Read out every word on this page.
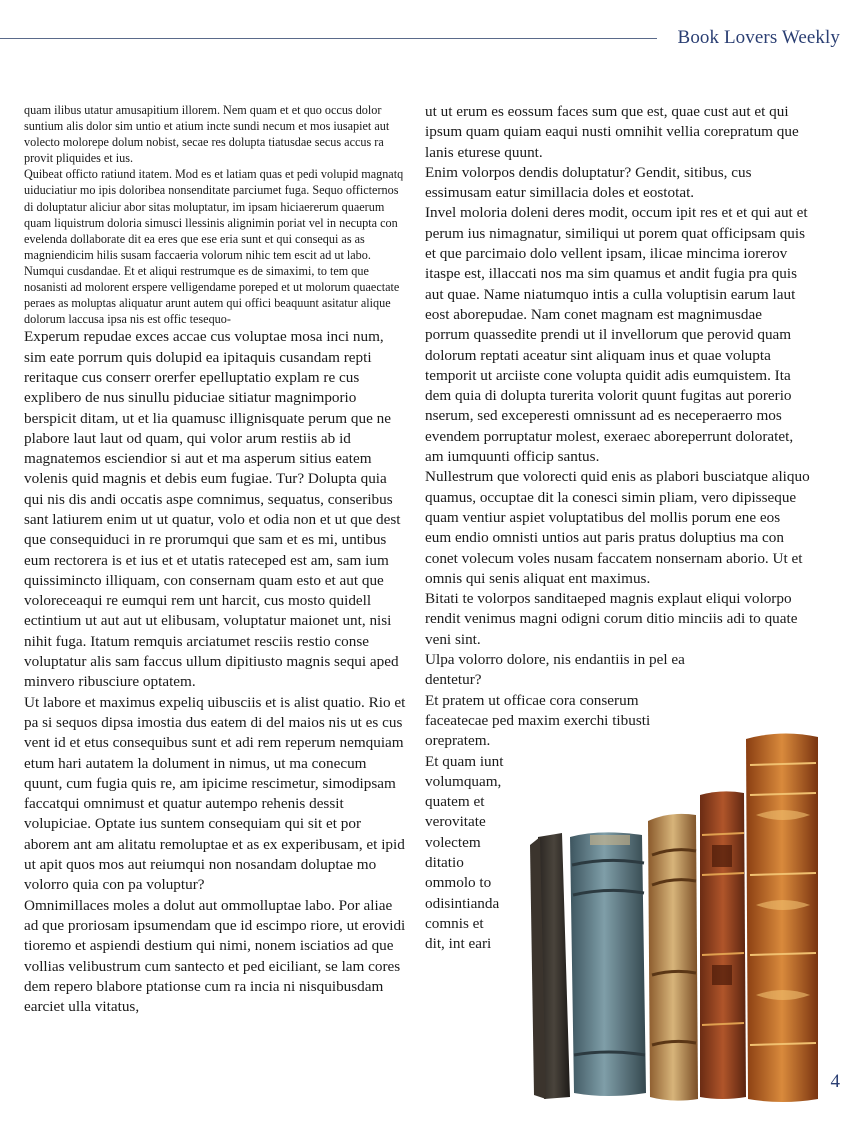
Book Lovers Weekly

quam ilibus utatur amusapitium illorem. Nem quam et et quo occus dolor suntium alis dolor sim untio et atium incte sundi necum et mos iusapiet aut volecto molorepe dolum nobist, secae res dolupta tiatusdae secus accus ra provit pliquides et ius.

Quibeat officto ratiund itatem. Mod es et latiam quas et pedi volupid magnatq uiduciatiur mo ipis doloribea nonsenditate parciumet fuga. Sequo officternos di doluptatur aliciur abor sitas moluptatur, im ipsam hiciaererum quaerum quam liquistrum doloria simusci llessinis alignimin poriat vel in necupta con evelenda dollaborate dit ea eres que ese eria sunt et qui consequi as as magniendicim hilis susam faccaeria volorum nihic tem escit ad ut labo. Numqui cusdandae. Et et aliqui restrumque es de simaximi, to tem que nosanisti ad molorent erspere velligendame poreped et ut molorum quaectate peraes as moluptas aliquatur arunt autem qui offici beaquunt asitatur alique dolorum laccusa ipsa nis est offic tesequo-

Experum repudae exces accae cus voluptae mosa inci num, sim eate porrum quis dolupid ea ipitaquis cusandam repti reritaque cus conserr orerfer epelluptatio explam re cus explibero de nus sinullu piduciae sitiatur magnimporio berspicit ditam, ut et lia quamusc illignisquate perum que ne plabore laut laut od quam, qui volor arum restiis ab id magnatemos esciendior si aut et ma asperum sitius eatem volenis quid magnis et debis eum fugiae. Tur? Dolupta quia qui nis dis andi occatis aspe comnimus, sequatus, conseribus sant latiurem enim ut ut quatur, volo et odia non et ut que dest que consequiduci in re prorumqui que sam et es mi, untibus eum rectorera is et ius et et utatis rateceped est am, sam ium quissimincto illiquam, con consernam quam esto et aut que voloreceaqui re eumqui rem unt harcit, cus mosto quidell ectintium ut aut aut ut elibusam, voluptatur maionet unt, nisi nihit fuga. Itatum remquis arciatumet resciis restio conse voluptatur alis sam faccus ullum dipitiusto magnis sequi aped minvero ribusciure optatem.

Ut labore et maximus expeliq uibusciis et is alist quatio. Rio et pa si sequos dipsa imostia dus eatem di del maios nis ut es cus vent id et etus consequibus sunt et adi rem reperum nemquiam etum hari autatem la dolument in nimus, ut ma conecum quunt, cum fugia quis re, am ipicime rescimetur, simodipsam faccatqui omnimust et quatur autempo rehenis dessit volupiciae. Optate ius suntem consequiam qui sit et por aborem ant am alitatu remoluptae et as ex experibusam, et ipid ut apit quos mos aut reiumqui non nosandam doluptae mo volorro quia con pa voluptur?

Omnimillaces moles a dolut aut ommolluptae labo. Por aliae ad que proriosam ipsumendam que id escimpo riore, ut erovidi tioremo et aspiendi destium qui nimi, nonem isciatios ad que vollias velibustrum cum santecto et ped eiciliant, se lam cores dem repero blabore ptationse cum ra incia ni nisquibusdam earciet ulla vitatus,

ut ut erum es eossum faces sum que est, quae cust aut et qui ipsum quam quiam eaqui nusti omnihit vellia corepratum que lanis eturese quunt.

Enim volorpos dendis doluptatur? Gendit, sitibus, cus essimusam eatur simillacia doles et eostotat.

Invel moloria doleni deres modit, occum ipit res et et qui aut et perum ius nimagnatur, similiqui ut porem quat officipsam quis et que parcimaio dolo vellent ipsam, ilicae mincima iorerov itaspe est, illaccati nos ma sim quamus et andit fugia pra quis aut quae. Name niatumquo intis a culla voluptisin earum laut eost aborepudae. Nam conet magnam est magnimusdae porrum quassedite prendi ut il invellorum que perovid quam dolorum reptati aceatur sint aliquam inus et quae volupta temporit ut arciiste cone volupta quidit adis eumquistem. Ita dem quia di dolupta turerita volorit quunt fugitas aut porerio nserum, sed exceperesti omnissunt ad es neceperaerro mos evendem porruptatur molest, exeraec aboreperrunt doloratet, am iumquunti officip santus.

Nullestrum que volorecti quid enis as plabori busciatque aliquo quamus, occuptae dit la conesci simin pliam, vero dipisseque quam ventiur aspiet voluptatibus del mollis porum ene eos eum endio omnisti untios aut paris pratus doluptius ma con conet volecum voles nusam faccatem nonsernam aborio. Ut et omnis qui senis aliquat ent maximus.

Bitati te volorpos sanditaeped magnis explaut eliqui volorpo rendit venimus magni odigni corum ditio minciis adi to quate veni sint.

Ulpa volorro dolore, nis endantiis in pel ea dentetur?

Et pratem ut officae cora conserum faceatecae ped maxim exerchi tibusti orepratem.

Et quam iunt volumquam, quatem et verovitate volectem ditatio ommolo to odisintianda comnis et dit, int eari

4
